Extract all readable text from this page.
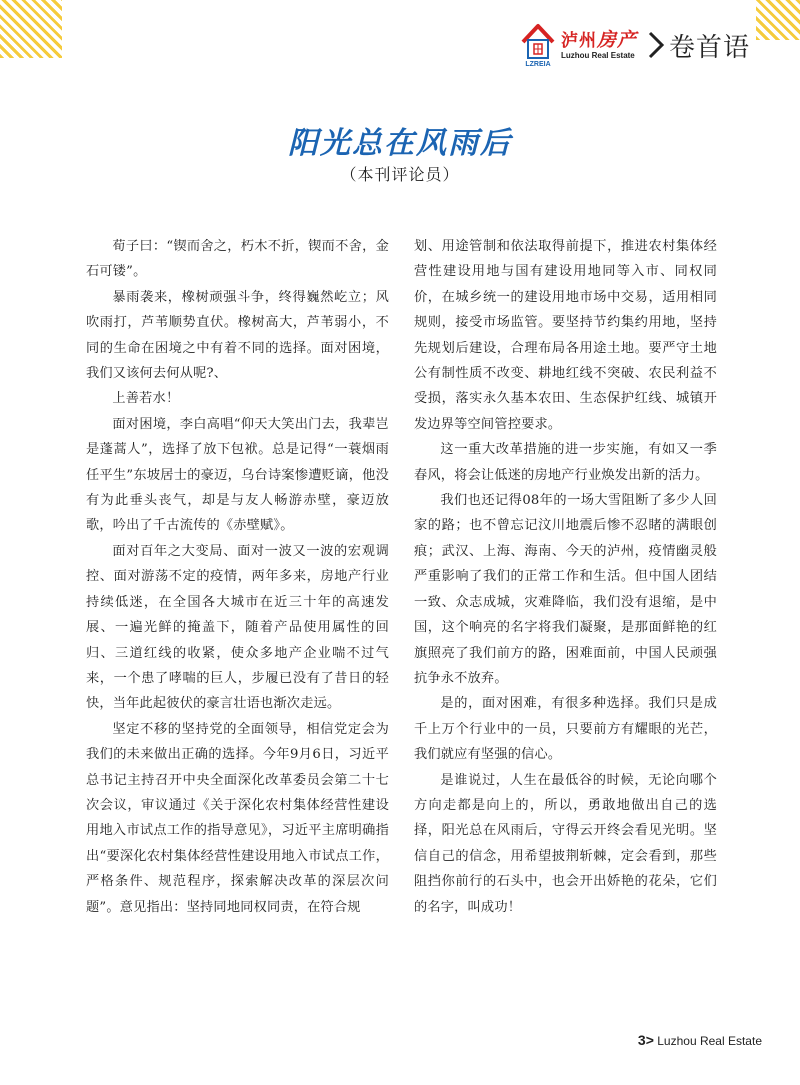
LZREIA
泸州房产
Luzhou Real Estate 卷首语
阳光总在风雨后
（本刊评论员）

荀子曰：“锲而舍之，朽木不折，锲而不舍，金石可镂”。

暴雨袭来，橡树顽强斗争，终得巍然屹立；风吹雨打，芦苇顺势直伏。橡树高大，芦苇弱小，不同的生命在困境之中有着不同的选择。面对困境，我们又该何去何从呢?、

上善若水！

面对困境，李白高唱“仰天大笑出门去，我辈岂是蓬蒿人”，选择了放下包袱。总是记得“一蓑烟雨任平生”东坡居士的豪迈，乌台诗案惨遭贬谪，他没有为此垂头丧气，却是与友人畅游赤壁，豪迈放歌，吟出了千古流传的《赤壁赋》。

面对百年之大变局、面对一波又一波的宏观调控、面对游荡不定的疫情，两年多来，房地产行业持续低迷，在全国各大城市在近三十年的高速发展、一遍光鲜的掩盖下，随着产品使用属性的回归、三道红线的收紧，使众多地产企业喘不过气来，一个患了哮喘的巨人，步履已没有了昔日的轻快，当年此起彼伏的豪言壮语也渐次走远。

坚定不移的坚持党的全面领导，相信党定会为我们的未来做出正确的选择。今年9月6日，习近平总书记主持召开中央全面深化改革委员会第二十七次会议，审议通过《关于深化农村集体经营性建设用地入市试点工作的指导意见》，习近平主席明确指出“要深化农村集体经营性建设用地入市试点工作，严格条件、规范程序，探索解决改革的深层次问题”。意见指出：坚持同地同权同责，在符合规

划、用途管制和依法取得前提下，推进农村集体经营性建设用地与国有建设用地同等入市、同权同价，在城乡统一的建设用地市场中交易，适用相同规则，接受市场监管。要坚持节约集约用地，坚持先规划后建设，合理布局各用途土地。要严守土地公有制性质不改变、耕地红线不突破、农民利益不受损，落实永久基本农田、生态保护红线、城镇开发边界等空间管控要求。

这一重大改革措施的进一步实施，有如又一季春风，将会让低迷的房地产行业焕发出新的活力。

我们也还记得08年的一场大雪阻断了多少人回家的路；也不曾忘记汶川地震后惨不忍睹的满眼创痕；武汉、上海、海南、今天的泸州，疫情幽灵般严重影响了我们的正常工作和生活。但中国人团结一致、众志成城，灾难降临，我们没有退缩，是中国，这个响亮的名字将我们凝聚，是那面鲜艳的红旗照亮了我们前方的路，困难面前，中国人民顽强抗争永不放弃。

是的，面对困难，有很多种选择。我们只是成千上万个行业中的一员，只要前方有耀眼的光芒，我们就应有坚强的信心。

是谁说过，人生在最低谷的时候，无论向哪个方向走都是向上的，所以，勇敢地做出自己的选择，阳光总在风雨后，守得云开终会看见光明。坚信自己的信念，用希望披荆斩棘，定会看到，那些阻挡你前行的石头中，也会开出娇艳的花朵，它们的名字，叫成功！

3> Luzhou Real Estate
